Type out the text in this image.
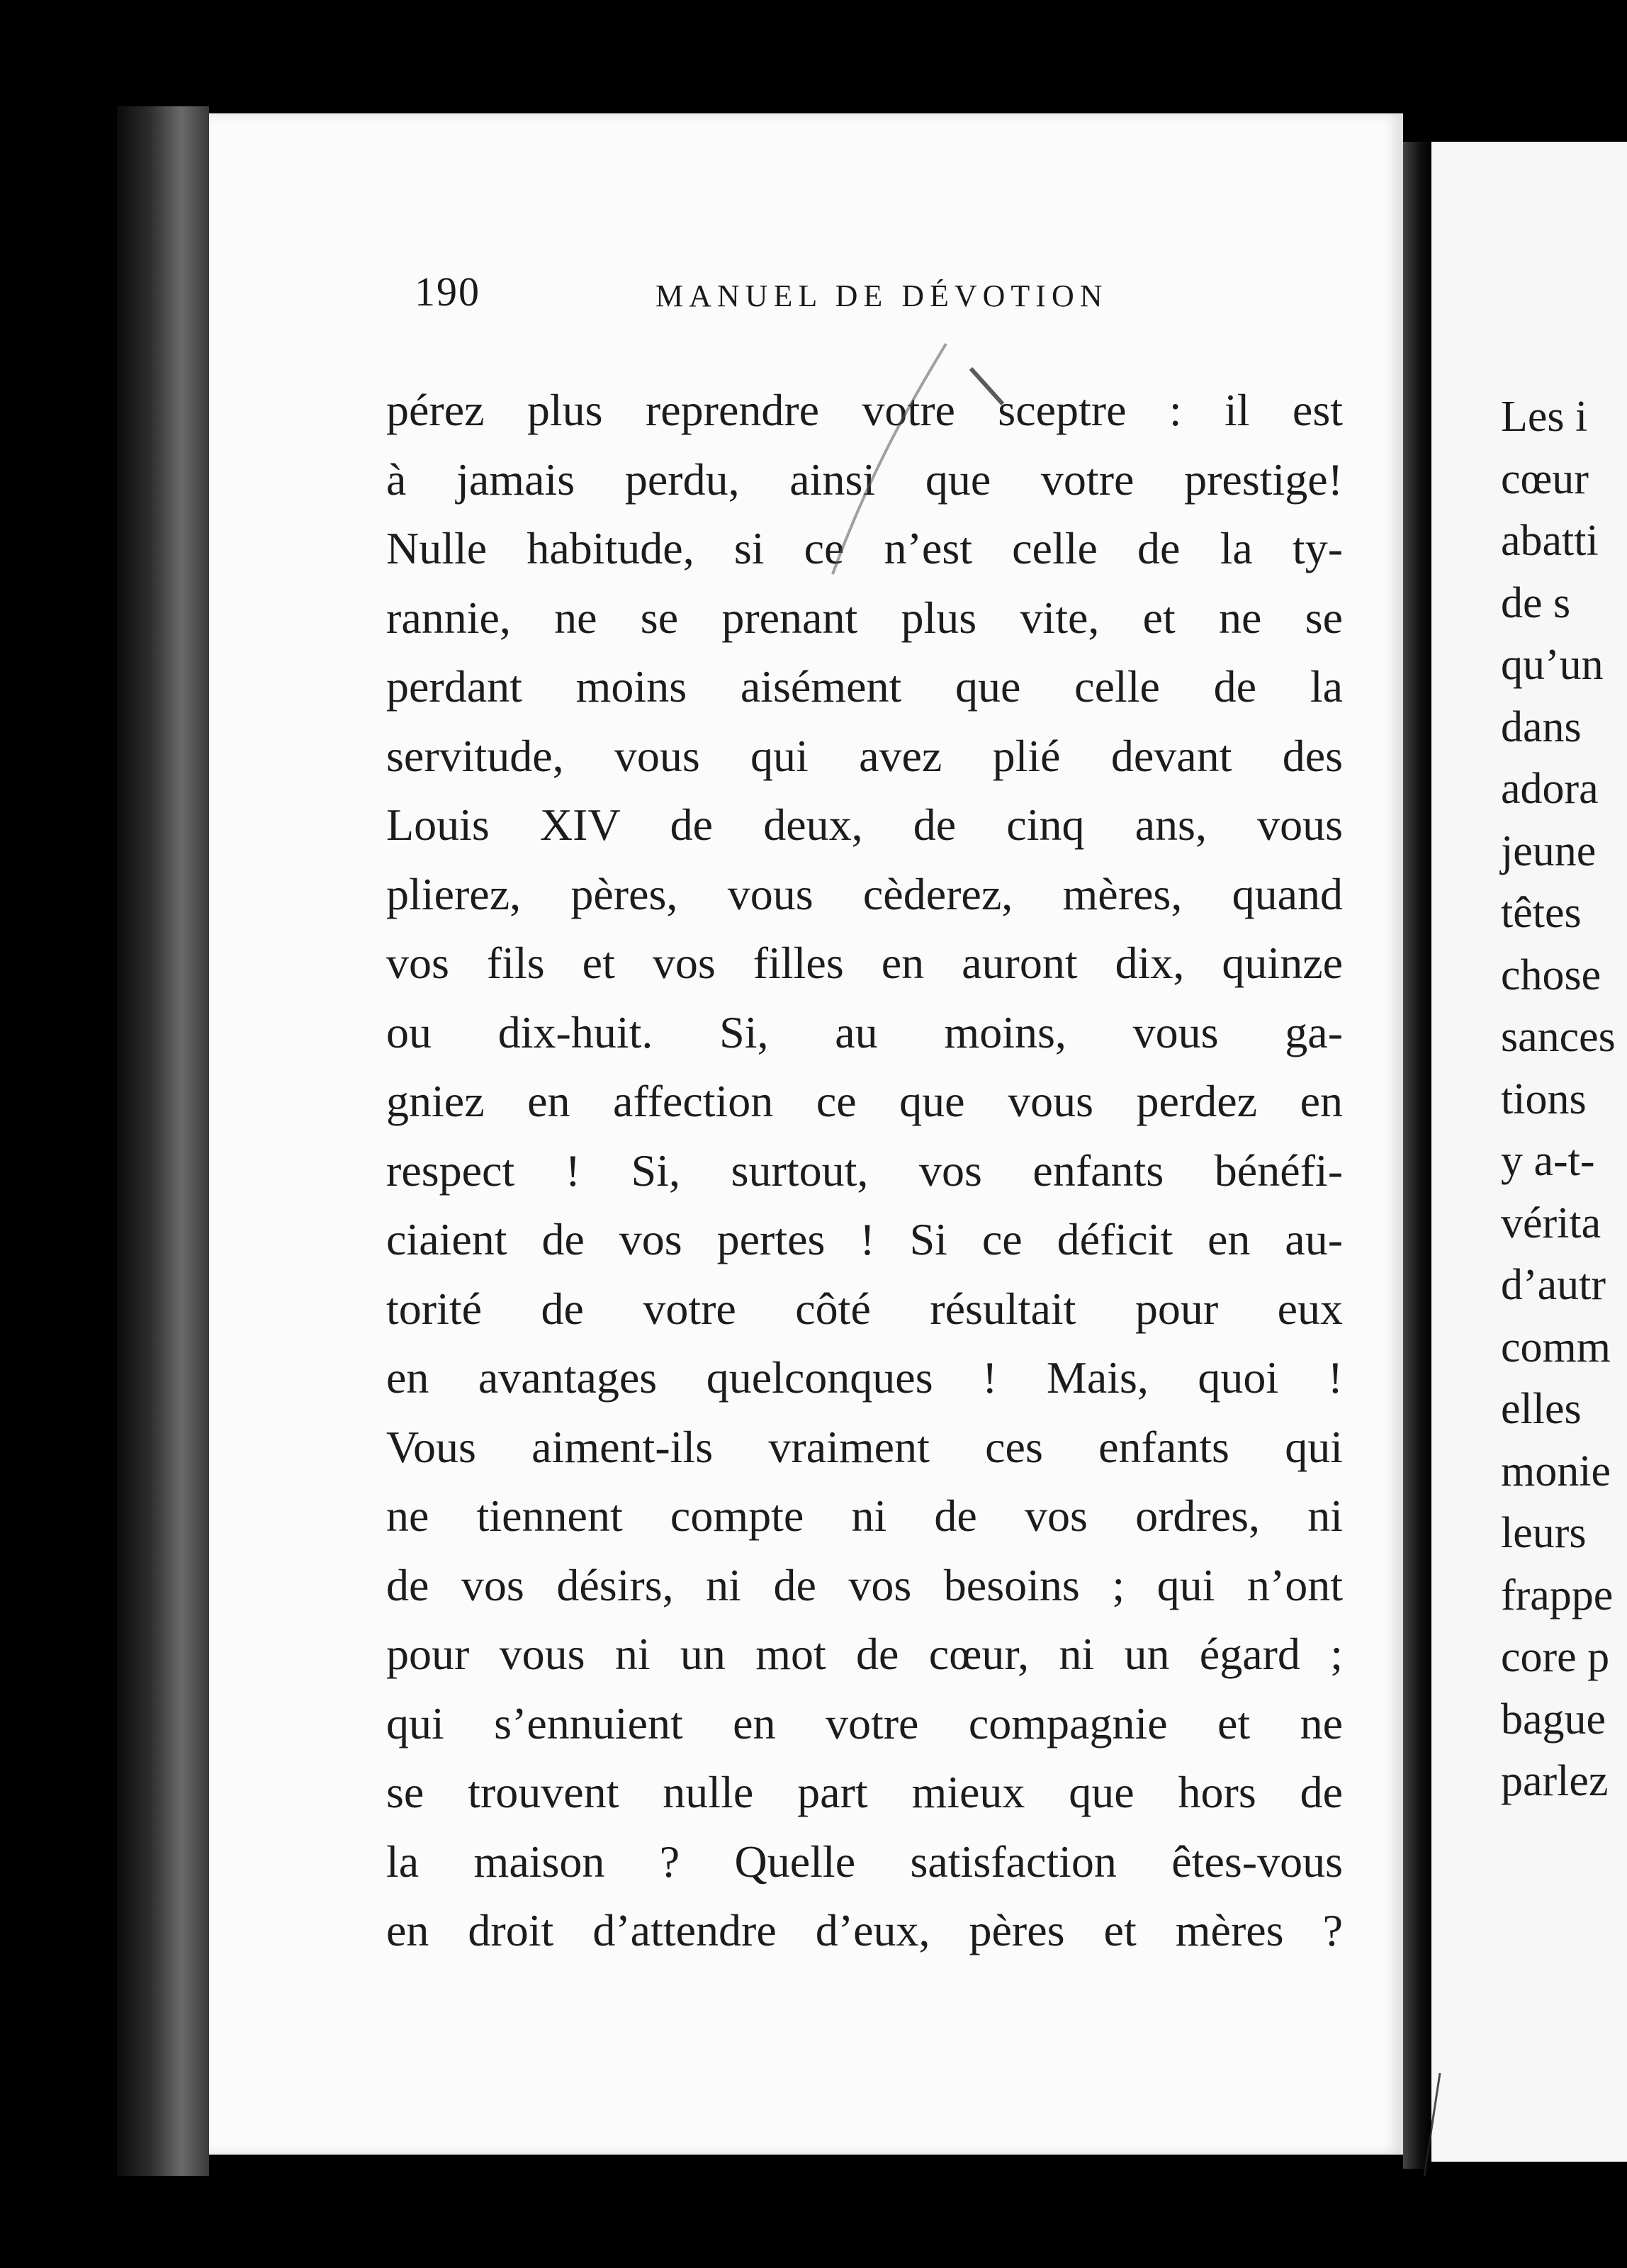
Les i
cœur
abatti
de s
qu’un
dans
adora
jeune
têtes
chose
sances
tions
y a-t-
vérita
d’autr
comm
elles
monie
leurs
frappe
core p
bague
parlez
190	MANUEL DE DÉVOTION
pérez plus reprendre votre sceptre : il est
à jamais perdu, ainsi que votre prestige!
Nulle habitude, si ce n’est celle de la ty-
rannie, ne se prenant plus vite, et ne se
perdant moins aisément que celle de la
servitude, vous qui avez plié devant des
Louis XIV de deux, de cinq ans, vous
plierez, pères, vous cèderez, mères, quand
vos fils et vos filles en auront dix, quinze
ou dix-huit. Si, au moins, vous ga-
gniez en affection ce que vous perdez en
respect ! Si, surtout, vos enfants bénéfi-
ciaient de vos pertes ! Si ce déficit en au-
torité de votre côté résultait pour eux
en avantages quelconques ! Mais, quoi !
Vous aiment-ils vraiment ces enfants qui
ne tiennent compte ni de vos ordres, ni
de vos désirs, ni de vos besoins ; qui n’ont
pour vous ni un mot de cœur, ni un égard ;
qui s’ennuient en votre compagnie et ne
se trouvent nulle part mieux que hors de
la maison ? Quelle satisfaction êtes-vous
en droit d’attendre d’eux, pères et mères ?
